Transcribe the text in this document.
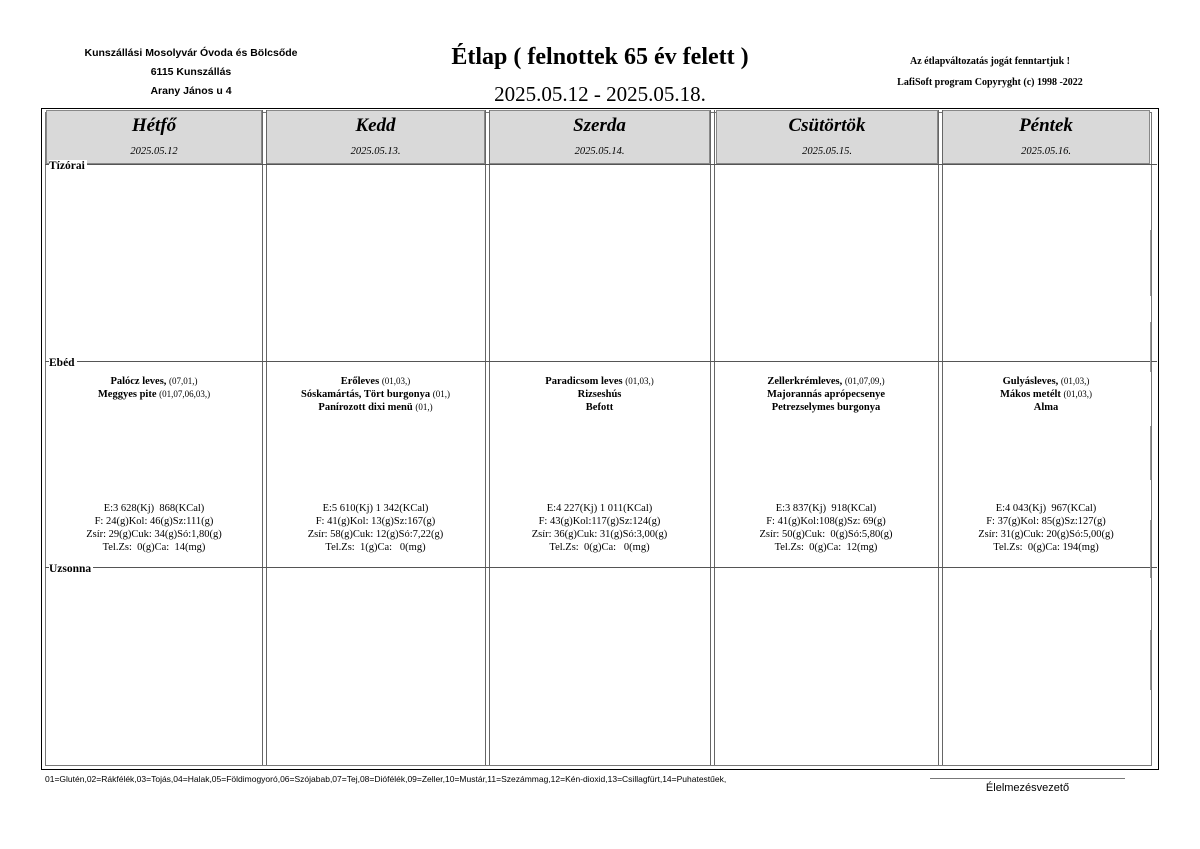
Kunszállási Mosolyvár Óvoda és Bölcsőde
6115 Kunszállás
Arany János u 4
Étlap ( felnottek 65 év felett )
2025.05.12 - 2025.05.18.
Az étlapváltozatás jogát fenntartjuk !
LafiSoft program Copyryght (c) 1998 -2022
Hétfő
2025.05.12
Kedd
2025.05.13.
Szerda
2025.05.14.
Csütörtök
2025.05.15.
Péntek
2025.05.16.
Tízórai
Ebéd
Uzsonna
Palócz leves, (07,01,)
Meggyes pite (01,07,06,03,)
E:3 628(Kj)  868(KCal)
F: 24(g)Kol: 46(g)Sz:111(g)
Zsír: 29(g)Cuk: 34(g)Só:1,80(g)
Tel.Zs:  0(g)Ca:  14(mg)
Erőleves (01,03,)
Sóskamártás, Tört burgonya (01,)
Panírozott dixi menü (01,)
E:5 610(Kj) 1 342(KCal)
F: 41(g)Kol: 13(g)Sz:167(g)
Zsír: 58(g)Cuk: 12(g)Só:7,22(g)
Tel.Zs:  1(g)Ca:   0(mg)
Paradicsom leves (01,03,)
Rizseshús
Befott
E:4 227(Kj) 1 011(KCal)
F: 43(g)Kol:117(g)Sz:124(g)
Zsír: 36(g)Cuk: 31(g)Só:3,00(g)
Tel.Zs:  0(g)Ca:   0(mg)
Zellerkrémleves, (01,07,09,)
Majorannás aprópecsenye
Petrezselymes burgonya
E:3 837(Kj)  918(KCal)
F: 41(g)Kol:108(g)Sz: 69(g)
Zsír: 50(g)Cuk:  0(g)Só:5,80(g)
Tel.Zs:  0(g)Ca:  12(mg)
Gulyásleves, (01,03,)
Mákos metélt (01,03,)
Alma
E:4 043(Kj)  967(KCal)
F: 37(g)Kol: 85(g)Sz:127(g)
Zsír: 31(g)Cuk: 20(g)Só:5,00(g)
Tel.Zs:  0(g)Ca: 194(mg)
01=Glutén,02=Rákfélék,03=Tojás,04=Halak,05=Földimogyoró,06=Szójabab,07=Tej,08=Diófélék,09=Zeller,10=Mustár,11=Szezámmag,12=Kén-dioxid,13=Csillagfürt,14=Puhatestűek,
Élelmezésvezető
